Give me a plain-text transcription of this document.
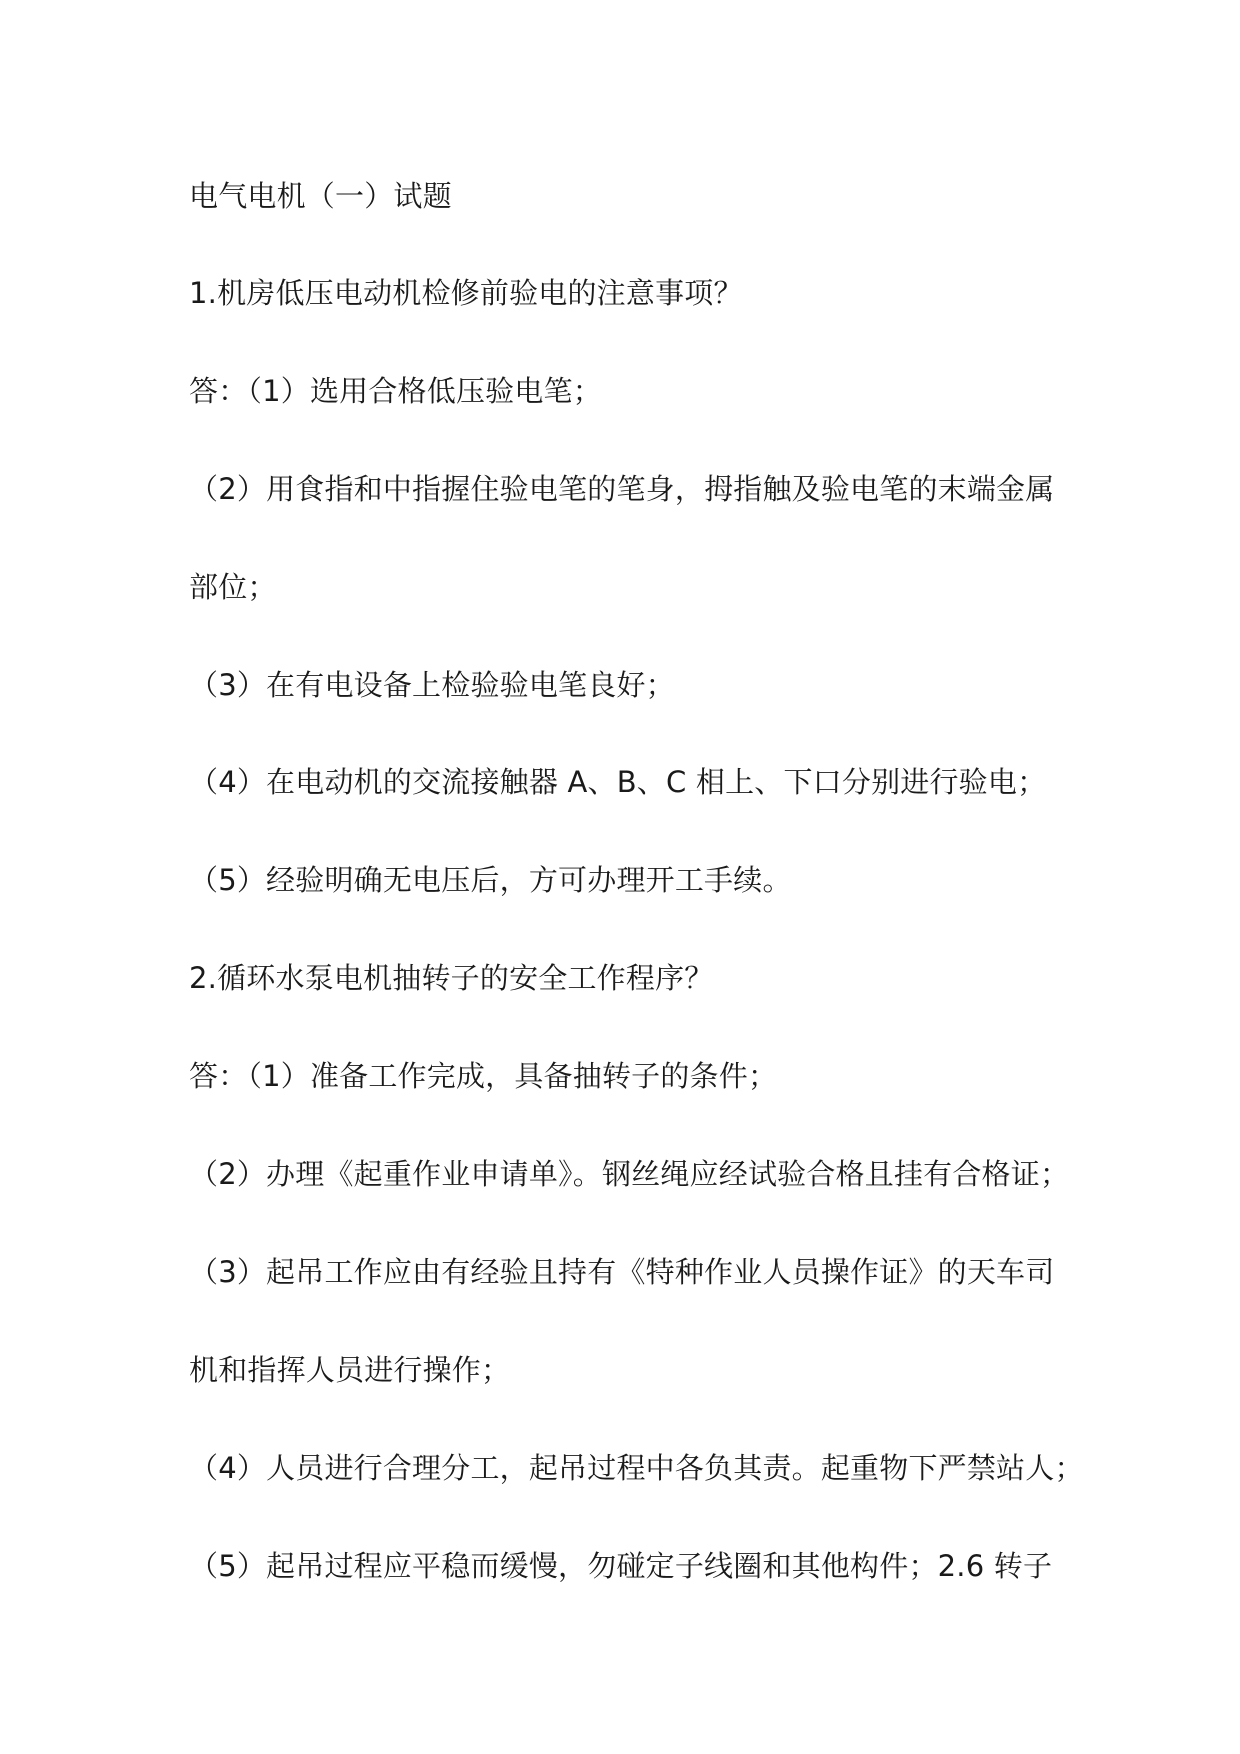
电气电机（一）试题
1.机房低压电动机检修前验电的注意事项？
答：（1）选用合格低压验电笔；
（2）用食指和中指握住验电笔的笔身，拇指触及验电笔的末端金属
部位；
（3）在有电设备上检验验电笔良好；
（4）在电动机的交流接触器 A、B、C 相上、下口分别进行验电；
（5）经验明确无电压后，方可办理开工手续。
2.循环水泵电机抽转子的安全工作程序？
答：（1）准备工作完成，具备抽转子的条件；
（2）办理《起重作业申请单》。钢丝绳应经试验合格且挂有合格证；
（3）起吊工作应由有经验且持有《特种作业人员操作证》的天车司
机和指挥人员进行操作；
（4）人员进行合理分工，起吊过程中各负其责。起重物下严禁站人；
（5）起吊过程应平稳而缓慢，勿碰定子线圈和其他构件；2.6 转子
